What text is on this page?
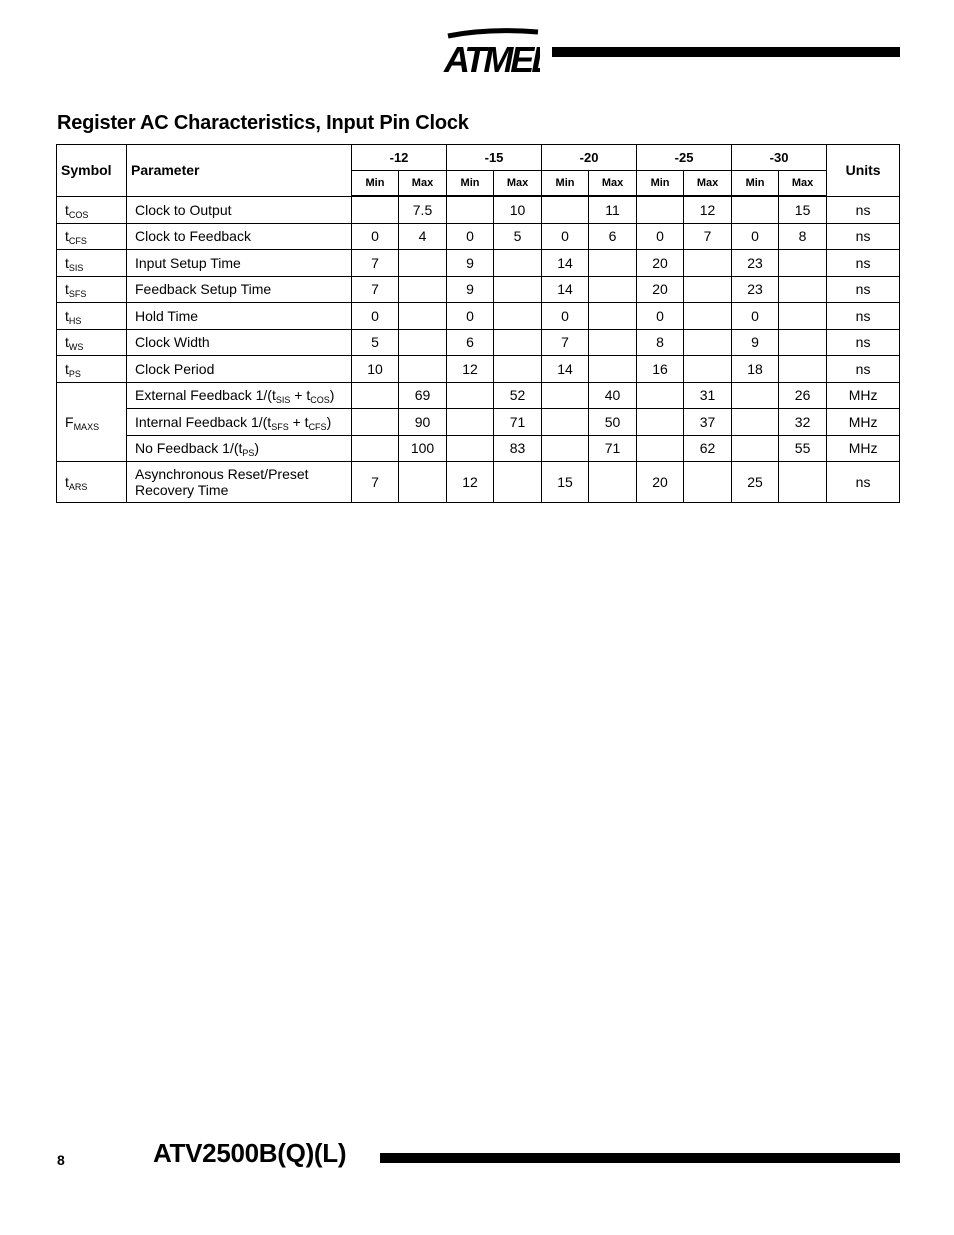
ATMEL
Register AC Characteristics, Input Pin Clock
Symbol	Parameter	-12		-15		-20		-25		-30		Units
		Min	Max	Min	Max	Min	Max	Min	Max	Min	Max	
$t_{COS}$	Clock to Output		7.5		10		11		12		15	ns
$t_{CFS}$	Clock to Feedback	0	4	0	5	0	6	0	7	0	8	ns
$t_{SIS}$	Input Setup Time	7		9		14		20		23		ns
$t_{SFS}$	Feedback Setup Time	7		9		14		20		23		ns
$t_{HS}$	Hold Time	0		0		0		0		0		ns
$t_{WS}$	Clock Width	5		6		7		8		9		ns
$t_{PS}$	Clock Period	10		12		14		16		18		ns
$F_{MAXS}$	External Feedback $1/(t_{SIS} + t_{COS})$		69		52		40		31		26	MHz
	Internal Feedback $1/(t_{SFS} + t_{CFS})$		90		71		50		37		32	MHz
	No Feedback $1/(t_{PS})$		100		83		71		62		55	MHz
$t_{ARS}$	Asynchronous Reset/Preset
Recovery Time	7		12		15		20		25		ns
8	ATV2500B(Q)(L)
